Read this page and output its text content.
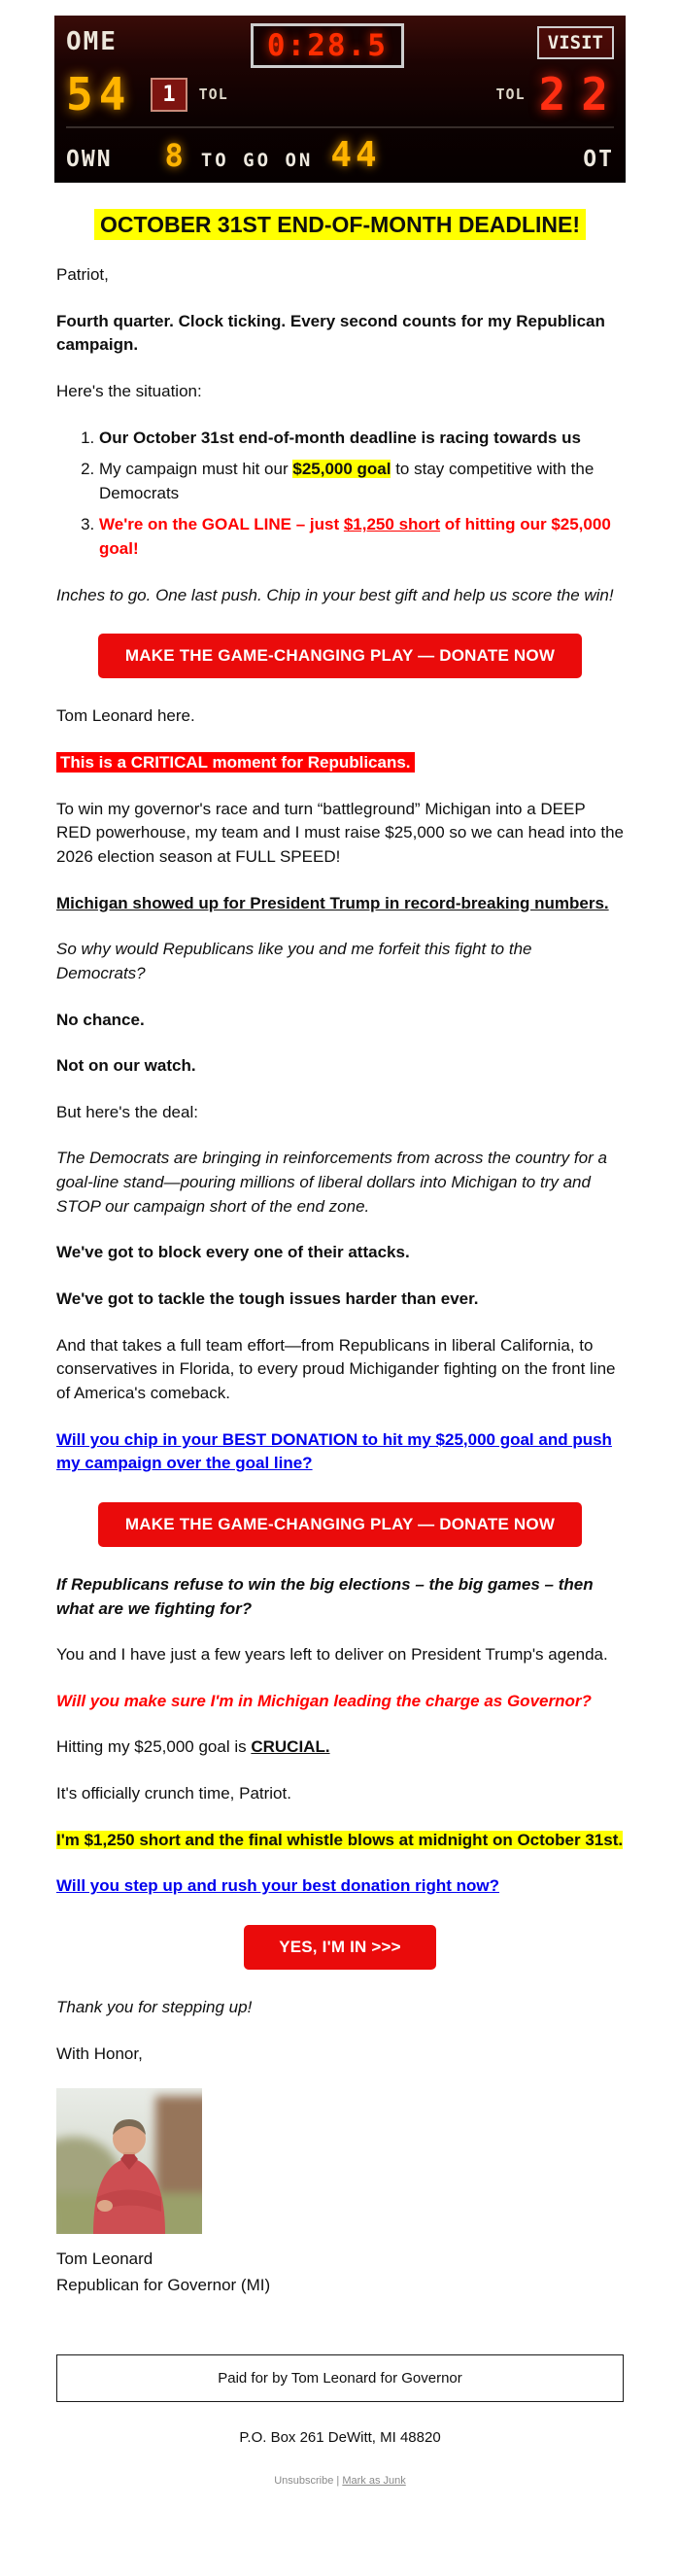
OME	0:28.5	VISIT
54	1	TOL	TOL 22
OWN 8 TO GO ON 44	OT
OCTOBER 31ST END-OF-MONTH DEADLINE!

Patriot,

Fourth quarter. Clock ticking. Every second counts for my Republican campaign.

Here's the situation:

1. Our October 31st end-of-month deadline is racing towards us
2. My campaign must hit our $25,000 goal to stay competitive with the Democrats
3. We're on the GOAL LINE – just $1,250 short of hitting our $25,000 goal!

Inches to go. One last push. Chip in your best gift and help us score the win!

MAKE THE GAME-CHANGING PLAY — DONATE NOW

Tom Leonard here.

This is a CRITICAL moment for Republicans.

To win my governor's race and turn “battleground” Michigan into a DEEP RED powerhouse, my team and I must raise $25,000 so we can head into the 2026 election season at FULL SPEED!

Michigan showed up for President Trump in record-breaking numbers.

So why would Republicans like you and me forfeit this fight to the Democrats?

No chance.

Not on our watch.

But here's the deal:

The Democrats are bringing in reinforcements from across the country for a goal-line stand—pouring millions of liberal dollars into Michigan to try and STOP our campaign short of the end zone.

We've got to block every one of their attacks.

We've got to tackle the tough issues harder than ever.

And that takes a full team effort—from Republicans in liberal California, to conservatives in Florida, to every proud Michigander fighting on the front line of America's comeback.

Will you chip in your BEST DONATION to hit my $25,000 goal and push my campaign over the goal line?

MAKE THE GAME-CHANGING PLAY — DONATE NOW

If Republicans refuse to win the big elections – the big games – then what are we fighting for?

You and I have just a few years left to deliver on President Trump's agenda.

Will you make sure I'm in Michigan leading the charge as Governor?

Hitting my $25,000 goal is CRUCIAL.

It's officially crunch time, Patriot.

I'm $1,250 short and the final whistle blows at midnight on October 31st.

Will you step up and rush your best donation right now?

YES, I'M IN >>>

Thank you for stepping up!

With Honor,

Tom Leonard
Republican for Governor (MI)
Paid for by Tom Leonard for Governor

P.O. Box 261 DeWitt, MI 48820

Unsubscribe | Mark as Junk
